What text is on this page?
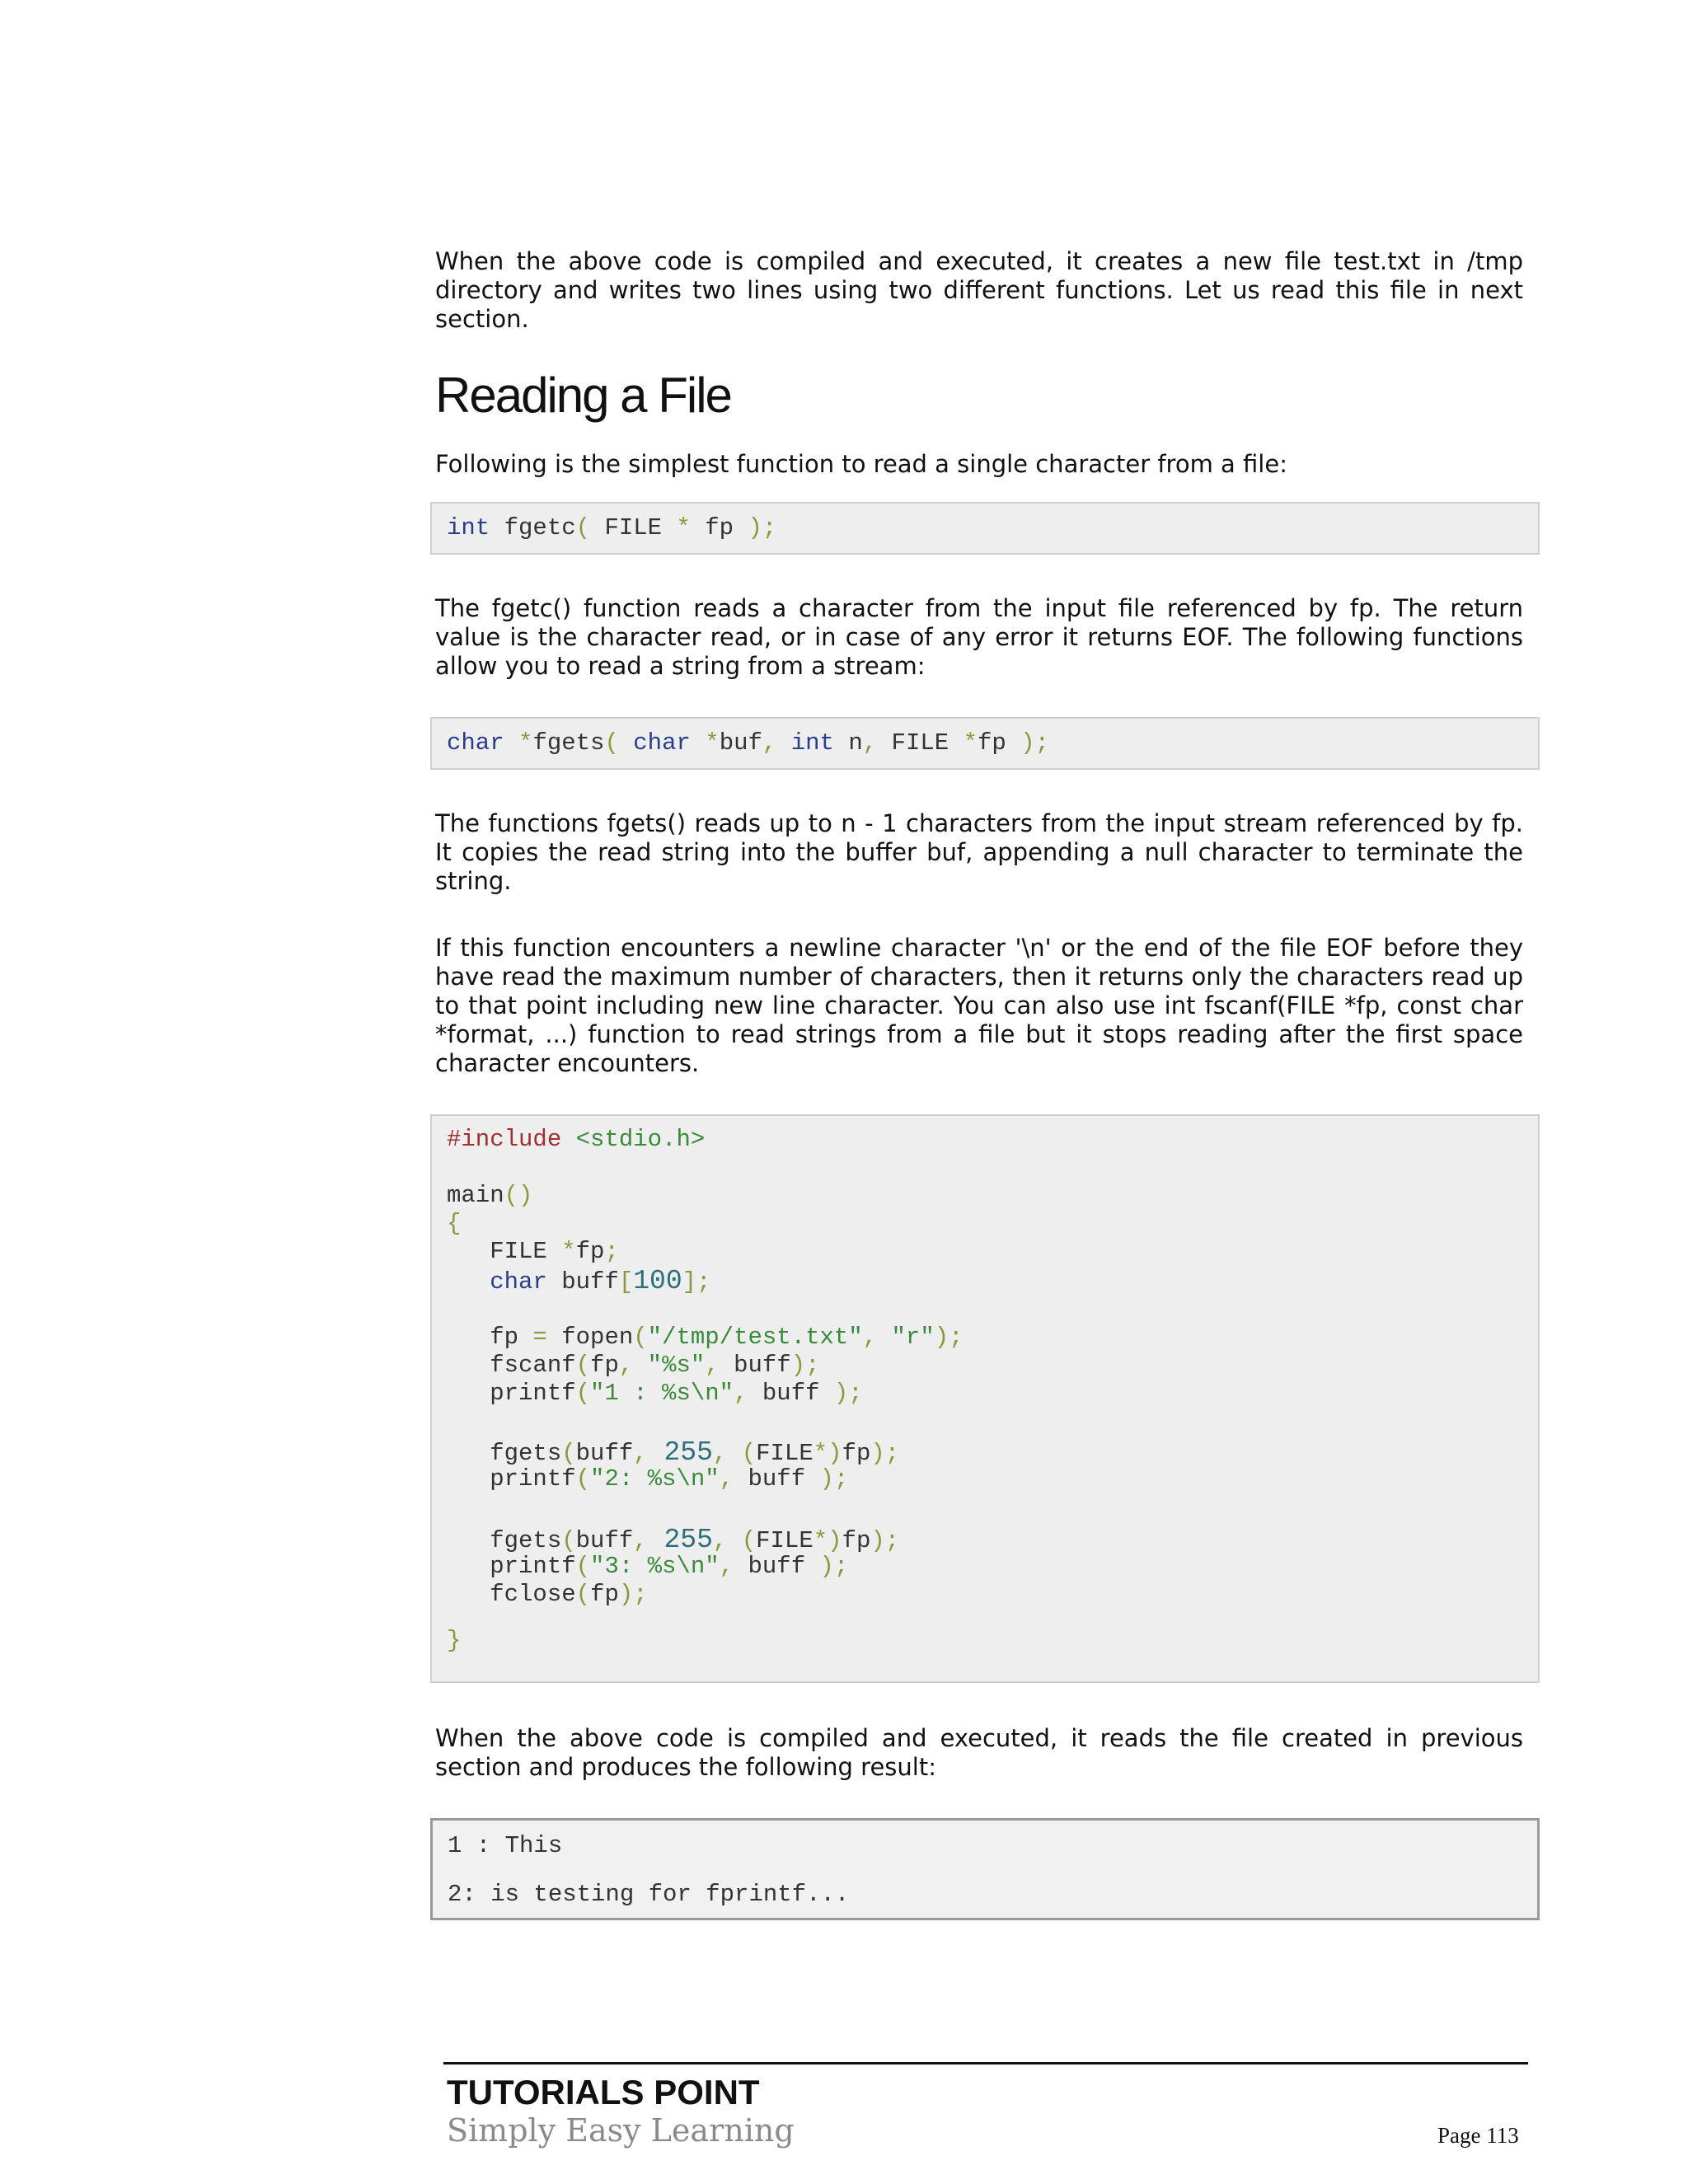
When the above code is compiled and executed, it creates a new file test.txt in /tmp directory and writes two lines using two different functions. Let us read this file in next section.

Reading a File

Following is the simplest function to read a single character from a file:

int fgetc( FILE * fp );

The fgetc() function reads a character from the input file referenced by fp. The return value is the character read, or in case of any error it returns EOF. The following functions allow you to read a string from a stream:

char *fgets( char *buf, int n, FILE *fp );

The functions fgets() reads up to n - 1 characters from the input stream referenced by fp. It copies the read string into the buffer buf, appending a null character to terminate the string.

If this function encounters a newline character '\n' or the end of the file EOF before they have read the maximum number of characters, then it returns only the characters read up to that point including new line character. You can also use int fscanf(FILE *fp, const char *format, ...) function to read strings from a file but it stops reading after the first space character encounters.

#include <stdio.h>

main()

{

FILE *fp;

char buff[100];

fp = fopen("/tmp/test.txt", "r");

fscanf(fp, "%s", buff);

printf("1 : %s\n", buff );

fgets(buff, 255, (FILE*)fp);

printf("2: %s\n", buff );

fgets(buff, 255, (FILE*)fp);

printf("3: %s\n", buff );

fclose(fp);

}

When the above code is compiled and executed, it reads the file created in previous section and produces the following result:

1 : This

2: is testing for fprintf...

TUTORIALS POINT
Simply Easy Learning	Page 113
